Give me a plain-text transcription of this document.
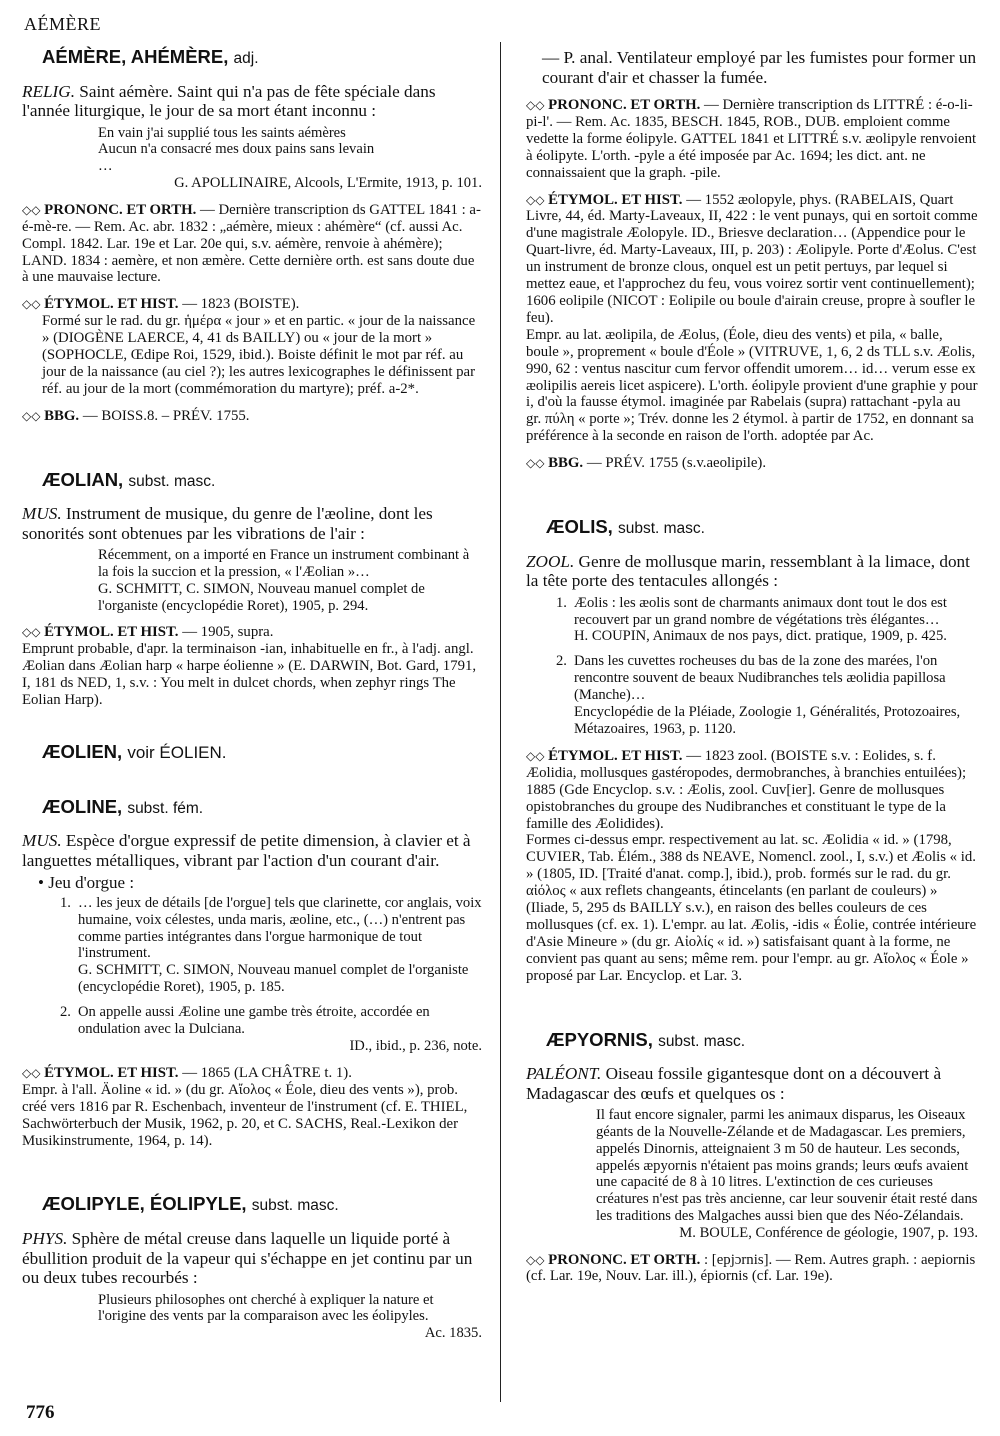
AÉMÈRE
AÉMÈRE, AHÉMÈRE, adj.
RELIG. Saint aémère. Saint qui n'a pas de fête spéciale dans l'année liturgique, le jour de sa mort étant inconnu :
En vain j'ai supplié tous les saints aémères
Aucun n'a consacré mes doux pains sans levain
…
G. APOLLINAIRE, Alcools, L'Ermite, 1913, p. 101.
◇◇ PRONONC. ET ORTH. — Dernière transcription ds GATTEL 1841 : a-é-mè-re. — Rem. Ac. abr. 1832 : „aémère, mieux : ahémère“ (cf. aussi Ac. Compl. 1842. Lar. 19e et Lar. 20e qui, s.v. aémère, renvoie à ahémère); LAND. 1834 : aemère, et non æmère. Cette dernière orth. est sans doute due à une mauvaise lecture.
◇◇ ÉTYMOL. ET HIST. — 1823 (BOISTE).
Formé sur le rad. du gr. ἡμέρα « jour » et en partic. « jour de la naissance » (DIOGÈNE LAERCE, 4, 41 ds BAILLY) ou « jour de la mort » (SOPHOCLE, Œdipe Roi, 1529, ibid.). Boiste définit le mot par réf. au jour de la naissance (au ciel ?); les autres lexicographes le définissent par réf. au jour de la mort (commémoration du martyre); préf. a-2*.
◇◇ BBG. — BOISS.8. – PRÉV. 1755.
ÆOLIAN, subst. masc.
MUS. Instrument de musique, du genre de l'æoline, dont les sonorités sont obtenues par les vibrations de l'air :
Récemment, on a importé en France un instrument combinant à la fois la succion et la pression, « l'Æolian »…
G. SCHMITT, C. SIMON, Nouveau manuel complet de l'organiste (encyclopédie Roret), 1905, p. 294.
◇◇ ÉTYMOL. ET HIST. — 1905, supra.
Emprunt probable, d'apr. la terminaison -ian, inhabituelle en fr., à l'adj. angl. Æolian dans Æolian harp « harpe éolienne » (E. DARWIN, Bot. Gard, 1791, I, 181 ds NED, 1, s.v. : You melt in dulcet chords, when zephyr rings The Eolian Harp).
ÆOLIEN, voir ÉOLIEN.
ÆOLINE, subst. fém.
MUS. Espèce d'orgue expressif de petite dimension, à clavier et à languettes métalliques, vibrant par l'action d'un courant d'air.
• Jeu d'orgue :
1. … les jeux de détails [de l'orgue] tels que clarinette, cor anglais, voix humaine, voix célestes, unda maris, æoline, etc., (…) n'entrent pas comme parties intégrantes dans l'orgue harmonique de tout l'instrument.
G. SCHMITT, C. SIMON, Nouveau manuel complet de l'organiste (encyclopédie Roret), 1905, p. 185.
2. On appelle aussi Æoline une gambe très étroite, accordée en ondulation avec la Dulciana.
ID., ibid., p. 236, note.
◇◇ ÉTYMOL. ET HIST. — 1865 (LA CHÂTRE t. 1).
Empr. à l'all. Äoline « id. » (du gr. Αἴολος « Éole, dieu des vents »), prob. créé vers 1816 par R. Eschenbach, inventeur de l'instrument (cf. E. THIEL, Sachwörterbuch der Musik, 1962, p. 20, et C. SACHS, Real.-Lexikon der Musikinstrumente, 1964, p. 14).
ÆOLIPYLE, ÉOLIPYLE, subst. masc.
PHYS. Sphère de métal creuse dans laquelle un liquide porté à ébullition produit de la vapeur qui s'échappe en jet continu par un ou deux tubes recourbés :
Plusieurs philosophes ont cherché à expliquer la nature et l'origine des vents par la comparaison avec les éolipyles.
Ac. 1835.
— P. anal. Ventilateur employé par les fumistes pour former un courant d'air et chasser la fumée.
◇◇ PRONONC. ET ORTH. — Dernière transcription ds LITTRÉ : é-o-li-pi-l'. — Rem. Ac. 1835, BESCH. 1845, ROB., DUB. emploient comme vedette la forme éolipyle. GATTEL 1841 et LITTRÉ s.v. æolipyle renvoient à éolipyte. L'orth. -pyle a été imposée par Ac. 1694; les dict. ant. ne connaissaient que la graph. -pile.
◇◇ ÉTYMOL. ET HIST. — 1552 æolopyle, phys. (RABELAIS, Quart Livre, 44, éd. Marty-Laveaux, II, 422 : le vent punays, qui en sortoit comme d'une magistrale Æolopyle. ID., Briesve declaration… (Appendice pour le Quart-livre, éd. Marty-Laveaux, III, p. 203) : Æolipyle. Porte d'Æolus. C'est un instrument de bronze clous, onquel est un petit pertuys, par lequel si mettez eaue, et l'approchez du feu, vous voirez sortir vent continuellement); 1606 eolipile (NICOT : Eolipile ou boule d'airain creuse, propre à soufler le feu).
Empr. au lat. æolipila, de Æolus, (Éole, dieu des vents) et pila, « balle, boule », proprement « boule d'Éole » (VITRUVE, 1, 6, 2 ds TLL s.v. Æolis, 990, 62 : ventus nascitur cum fervor offendit umorem… id… verum esse ex æolipilis aereis licet aspicere). L'orth. éolipyle provient d'une graphie y pour i, d'où la fausse étymol. imaginée par Rabelais (supra) rattachant -pyla au gr. πύλη « porte »; Trév. donne les 2 étymol. à partir de 1752, en donnant sa préférence à la seconde en raison de l'orth. adoptée par Ac.
◇◇ BBG. — PRÉV. 1755 (s.v.aeolipile).
ÆOLIS, subst. masc.
ZOOL. Genre de mollusque marin, ressemblant à la limace, dont la tête porte des tentacules allongés :
1. Æolis : les æolis sont de charmants animaux dont tout le dos est recouvert par un grand nombre de végétations très élégantes…
H. COUPIN, Animaux de nos pays, dict. pratique, 1909, p. 425.
2. Dans les cuvettes rocheuses du bas de la zone des marées, l'on rencontre souvent de beaux Nudibranches tels æolidia papillosa (Manche)…
Encyclopédie de la Pléiade, Zoologie 1, Généralités, Protozoaires, Métazoaires, 1963, p. 1120.
◇◇ ÉTYMOL. ET HIST. — 1823 zool. (BOISTE s.v. : Eolides, s. f. Æolidia, mollusques gastéropodes, dermobranches, à branchies entuilées); 1885 (Gde Encyclop. s.v. : Æolis, zool. Cuv[ier]. Genre de mollusques opistobranches du groupe des Nudibranches et constituant le type de la famille des Æolidides).
Formes ci-dessus empr. respectivement au lat. sc. Æolidia « id. » (1798, CUVIER, Tab. Élém., 388 ds NEAVE, Nomencl. zool., I, s.v.) et Æolis « id. » (1805, ID. [Traité d'anat. comp.], ibid.), prob. formés sur le rad. du gr. αἰόλος « aux reflets changeants, étincelants (en parlant de couleurs) » (Iliade, 5, 295 ds BAILLY s.v.), en raison des belles couleurs de ces mollusques (cf. ex. 1). L'empr. au lat. Æolis, -idis « Éolie, contrée intérieure d'Asie Mineure » (du gr. Αἰολίς « id. ») satisfaisant quant à la forme, ne convient pas quant au sens; même rem. pour l'empr. au gr. Αἴολος « Éole » proposé par Lar. Encyclop. et Lar. 3.
ÆPYORNIS, subst. masc.
PALÉONT. Oiseau fossile gigantesque dont on a découvert à Madagascar des œufs et quelques os :
Il faut encore signaler, parmi les animaux disparus, les Oiseaux géants de la Nouvelle-Zélande et de Madagascar. Les premiers, appelés Dinornis, atteignaient 3 m 50 de hauteur. Les seconds, appelés æpyornis n'étaient pas moins grands; leurs œufs avaient une capacité de 8 à 10 litres. L'extinction de ces curieuses créatures n'est pas très ancienne, car leur souvenir était resté dans les traditions des Malgaches aussi bien que des Néo-Zélandais.
M. BOULE, Conférence de géologie, 1907, p. 193.
◇◇ PRONONC. ET ORTH. : [epjɔrnis]. — Rem. Autres graph. : aepiornis (cf. Lar. 19e, Nouv. Lar. ill.), épiornis (cf. Lar. 19e).
776
